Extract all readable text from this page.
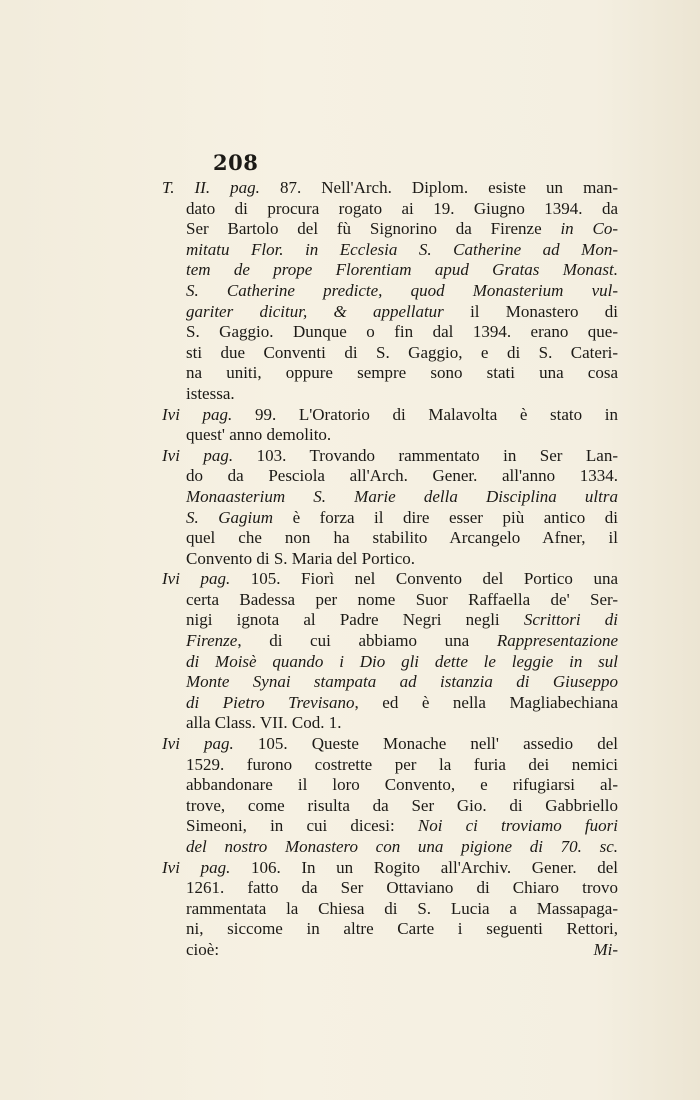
208
T. II. pag. 87. Nell'Arch. Diplom. esiste un man-
dato di procura rogato ai 19. Giugno 1394. da
Ser Bartolo del fù Signorino da Firenze in Co-
mitatu Flor. in Ecclesia S. Catherine ad Mon-
tem de prope Florentiam apud Gratas Monast.
S. Catherine predicte, quod Monasterium vul-
gariter dicitur, & appellatur il Monastero di
S. Gaggio. Dunque o fin dal 1394. erano que-
sti due Conventi di S. Gaggio, e di S. Cateri-
na uniti, oppure sempre sono stati una cosa
istessa.
Ivi pag. 99. L'Oratorio di Malavolta è stato in
quest' anno demolito.
Ivi pag. 103. Trovando rammentato in Ser Lan-
do da Pesciola all'Arch. Gener. all'anno 1334.
Monaasterium S. Marie della Disciplina ultra
S. Gagium è forza il dire esser più antico di
quel che non ha stabilito Arcangelo Afner, il
Convento di S. Maria del Portico.
Ivi pag. 105. Fiorì nel Convento del Portico una
certa Badessa per nome Suor Raffaella de' Ser-
nigi ignota al Padre Negri negli Scrittori di
Firenze, di cui abbiamo una Rappresentazione
di Moisè quando i Dio gli dette le leggie in sul
Monte Synai stampata ad istanzia di Giuseppo
di Pietro Trevisano, ed è nella Magliabechiana
alla Class. VII. Cod. 1.
Ivi pag. 105. Queste Monache nell' assedio del
1529. furono costrette per la furia dei nemici
abbandonare il loro Convento, e rifugiarsi al-
trove, come risulta da Ser Gio. di Gabbriello
Simeoni, in cui dicesi: Noi ci troviamo fuori
del nostro Monastero con una pigione di 70. sc.
Ivi pag. 106. In un Rogito all'Archiv. Gener. del
1261. fatto da Ser Ottaviano di Chiaro trovo
rammentata la Chiesa di S. Lucia a Massapaga-
ni, siccome in altre Carte i seguenti Rettori,
cioè:	Mi-
